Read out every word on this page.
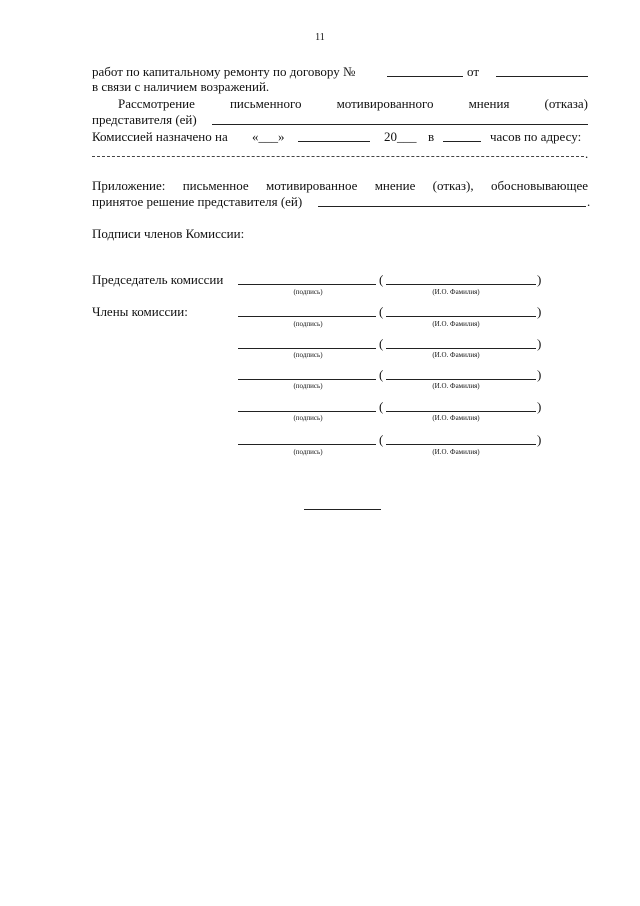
11
работ по капитальному ремонту по договору №	от
в связи с наличием возражений.
Рассмотрение	письменного	мотивированного	мнения	(отказа)
представителя (ей)
Комиссией назначено на «___»	20___ в	часов по адресу:
.
Приложение: письменное мотивированное мнение (отказ), обосновывающее
принятое решение представителя (ей)	.
Подписи членов Комиссии:
Председатель комиссии	(	)
(подпись)	(И.О. Фамилия)
Члены комиссии:	(	)
(подпись)	(И.О. Фамилия)
(	)
(подпись)	(И.О. Фамилия)
(	)
(подпись)	(И.О. Фамилия)
(	)
(подпись)	(И.О. Фамилия)
(	)
(подпись)	(И.О. Фамилия)
